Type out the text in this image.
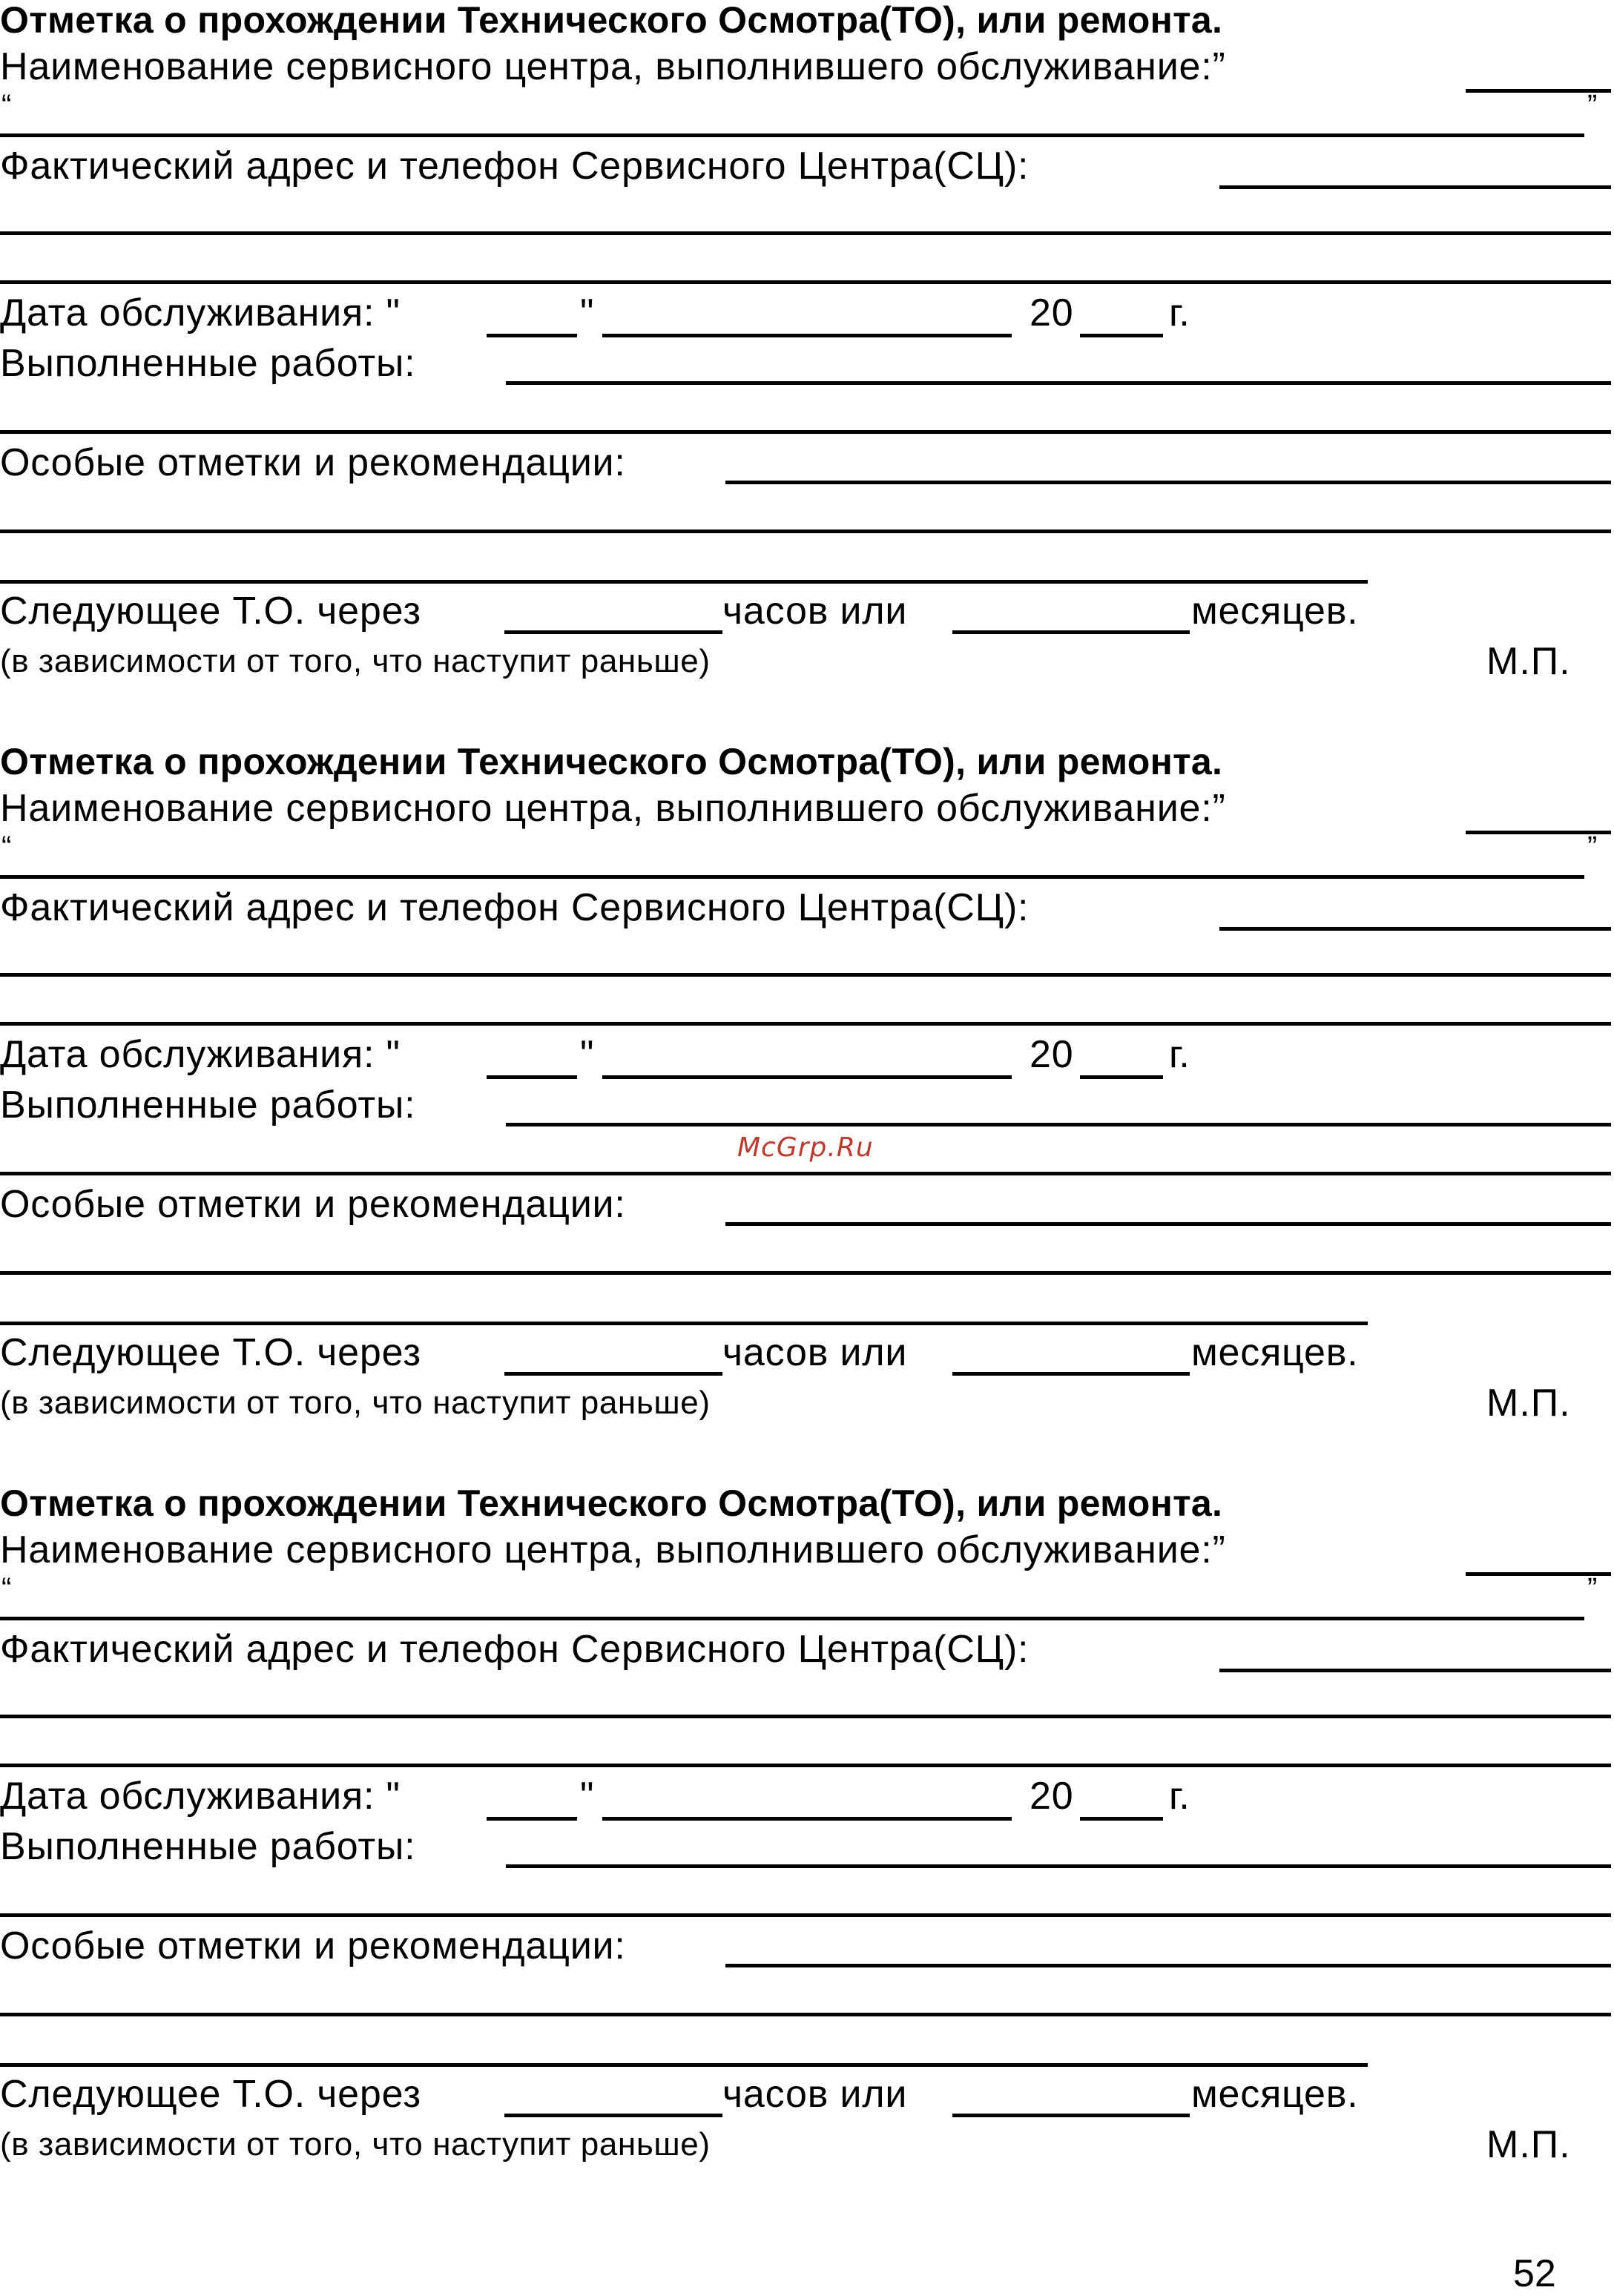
Отметка о прохождении Технического Осмотра(ТО), или ремонта.
Наименование сервисного центра, выполнившего обслуживание:”
“	”
Фактический адрес и телефон Сервисного Центра(СЦ):
Дата обслуживания: "	"	20 г.
Выполненные работы:
Особые отметки и рекомендации:
Следующее Т.О. через	часов или	месяцев.
(в зависимости от того, что наступит раньше)	М.П.
Отметка о прохождении Технического Осмотра(ТО), или ремонта.
Наименование сервисного центра, выполнившего обслуживание:”
“	”
Фактический адрес и телефон Сервисного Центра(СЦ):
Дата обслуживания: "	"	20 г.
Выполненные работы:
Особые отметки и рекомендации:
Следующее Т.О. через	часов или	месяцев.
(в зависимости от того, что наступит раньше)	М.П.
Отметка о прохождении Технического Осмотра(ТО), или ремонта.
Наименование сервисного центра, выполнившего обслуживание:”
“	”
Фактический адрес и телефон Сервисного Центра(СЦ):
Дата обслуживания: "	"	20 г.
Выполненные работы:
Особые отметки и рекомендации:
Следующее Т.О. через	часов или	месяцев.
(в зависимости от того, что наступит раньше)	М.П.
McGrp.Ru
52
